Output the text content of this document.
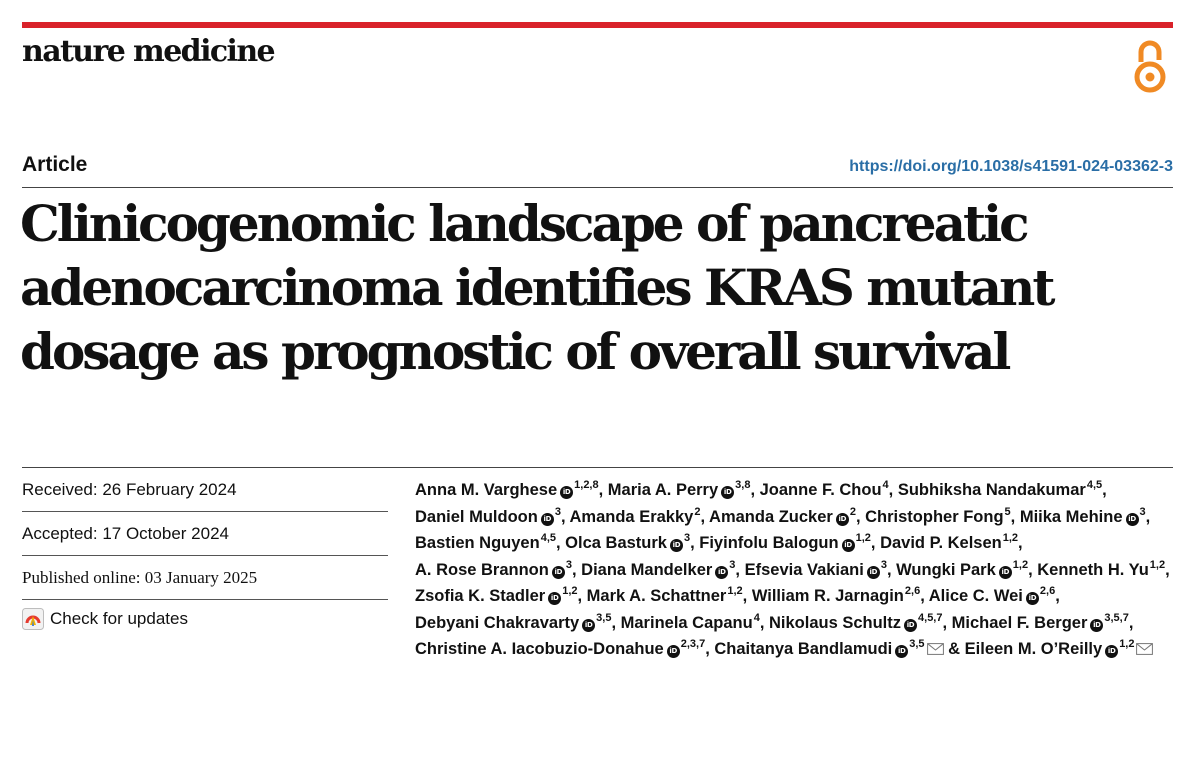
nature medicine
Article	https://doi.org/10.1038/s41591-024-03362-3
Clinicogenomic landscape of pancreatic adenocarcinoma identifies KRAS mutant dosage as prognostic of overall survival
Received: 26 February 2024
Accepted: 17 October 2024
Published online: 03 January 2025
Check for updates

Anna M. Varghese iD$^{1,2,8}$, Maria A. Perry iD$^{3,8}$, Joanne F. Chou$^4$, Subhiksha Nandakumar$^{4,5}$, Daniel Muldoon iD$^3$, Amanda Erakky$^2$, Amanda Zucker iD$^2$, Christopher Fong$^5$, Miika Mehine iD$^3$, Bastien Nguyen$^{4,5}$, Olca Basturk iD$^3$, Fiyinfolu Balogun iD$^{1,2}$, David P. Kelsen$^{1,2}$, A. Rose Brannon iD$^3$, Diana Mandelker iD$^3$, Efsevia Vakiani iD$^3$, Wungki Park iD$^{1,2}$, Kenneth H. Yu$^{1,2}$, Zsofia K. Stadler iD$^{1,2}$, Mark A. Schattner$^{1,2}$, William R. Jarnagin$^{2,6}$, Alice C. Wei iD$^{2,6}$, Debyani Chakravarty iD$^{3,5}$, Marinela Capanu$^4$, Nikolaus Schultz iD$^{4,5,7}$, Michael F. Berger iD$^{3,5,7}$, Christine A. Iacobuzio-Donahue iD$^{2,3,7}$, Chaitanya Bandlamudi iD$^{3,5}$ & Eileen M. O’Reilly iD$^{1,2}$
